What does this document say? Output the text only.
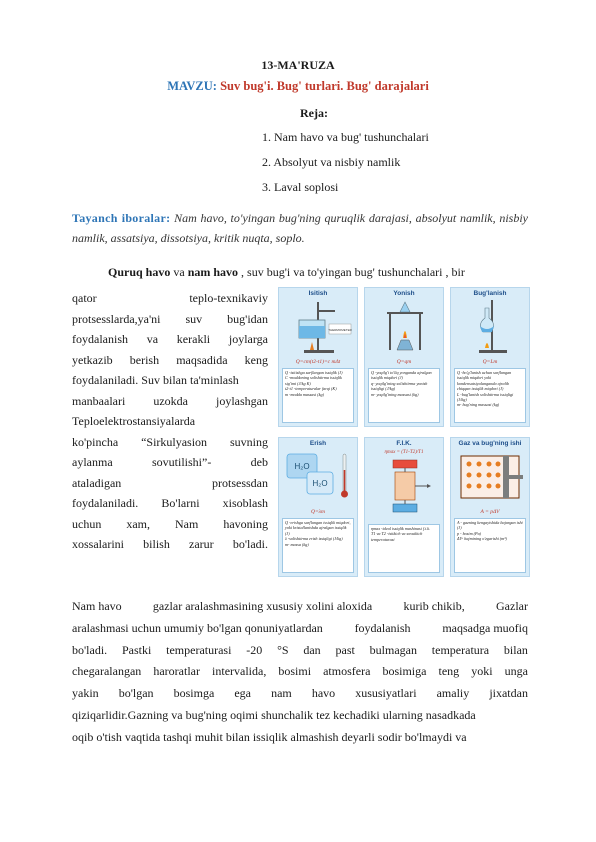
13-MA'RUZA
MAVZU: Suv bug'i. Bug' turlari. Bug' darajalari
Reja:
1. Nam havo va bug' tushunchalari
2. Absolyut va nisbiy namlik
3. Laval soplosi
Tayanch iboralar: Nam havo, to'yingan bug'ning quruqlik darajasi, absolyut namlik, nisbiy namlik, assatsiya, dissotsiya, kritik nuqta, soplo.
Quruq havo va nam havo , suv bug'i va to'yingan bug' tushunchalari , bir
qator	teplo-texnikaviy
protsesslarda,ya'ni suv bug'idan
foydalanish va kerakli joylarga
yetkazib berish maqsadida keng
foydalaniladi. Suv bilan ta'minlash
manbaalari uzokda joylashgan
Teploelektrostansiyalarda
ko'pincha “Sirkulyasion suvning
aylanma	sovutilishi”-	deb
ataladigan	protsessdan
foydalaniladi. Bo'larni xisoblash
uchun xam, Nam havoning
xossalarini bilish zarur bo'ladi.
Isitish
THERMOMETER
Q=cm(t2-t1)=c mΔt
Q -isitishga sarflangan issiqlik (J)
C -moddaning solishtirma issiqlik sig'imi (J/kg K)
t2-t1 -temperaturalar farqi (K)
m -modda massasi (kg)
Yonish
Q=qm
Q -yoqilg'i to'liq yonganda ajralgan issiqlik miqdori (J)
q- yoqilg'ining solishtirma yonish issiqligi (J/kg)
m- yoqilg'ining massasi (kg)
Bug'lanish
Q=Lm
Q -bo'g'lanish uchun sarflangan issiqlik miqdori yoki kondensatsiyalanganda ajralib chiqqan issiqlik miqdori (J)
L -bug'lanish solishtirma issiqligi (J/kg)
m- bug'ning massasi (kg)
Erish
H₂O
H₂O
Q=λm
Q -erishga sarflangan issiqlik miqdori, yoki kristallanishda ajralgan issiqlik (J)
λ -solishtirma erish issiqligi (J/kg)
m- massa (kg)
F.I.K.
ηmax = (T1-T2)/T1
ηmax -ideal issiqlik mashinasi f.i.k.
T1 va T2 -isitkich va sovutkich temperaturasi
Gaz va bug'ning ishi
A = pΔV
A - gazning kengayishida bajargan ishi (J)
p - bosim (Pa)
ΔV- hajmining o'zgarishi (m³)
Nam havo	gazlar aralashmasining xususiy xolini aloxida	kurib chikib,	Gazlar
aralashmasi uchun umumiy bo'lgan qonuniyatlardan	foydalanish	maqsadga muofiq
bo'ladi. Pastki temperaturasi -20 °S dan past bulmagan temperatura bilan
chegaralangan haroratlar intervalida, bosimi atmosfera bosimiga teng yoki unga
yakin bo'lgan bosimga ega nam havo xususiyatlari amaliy jixatdan
qiziqarlidir.Gazning va bug'ning oqimi shunchalik tez kechadiki ularning nasadkada
oqib o'tish vaqtida tashqi muhit bilan issiqlik almashish deyarli sodir bo'lmaydi va
